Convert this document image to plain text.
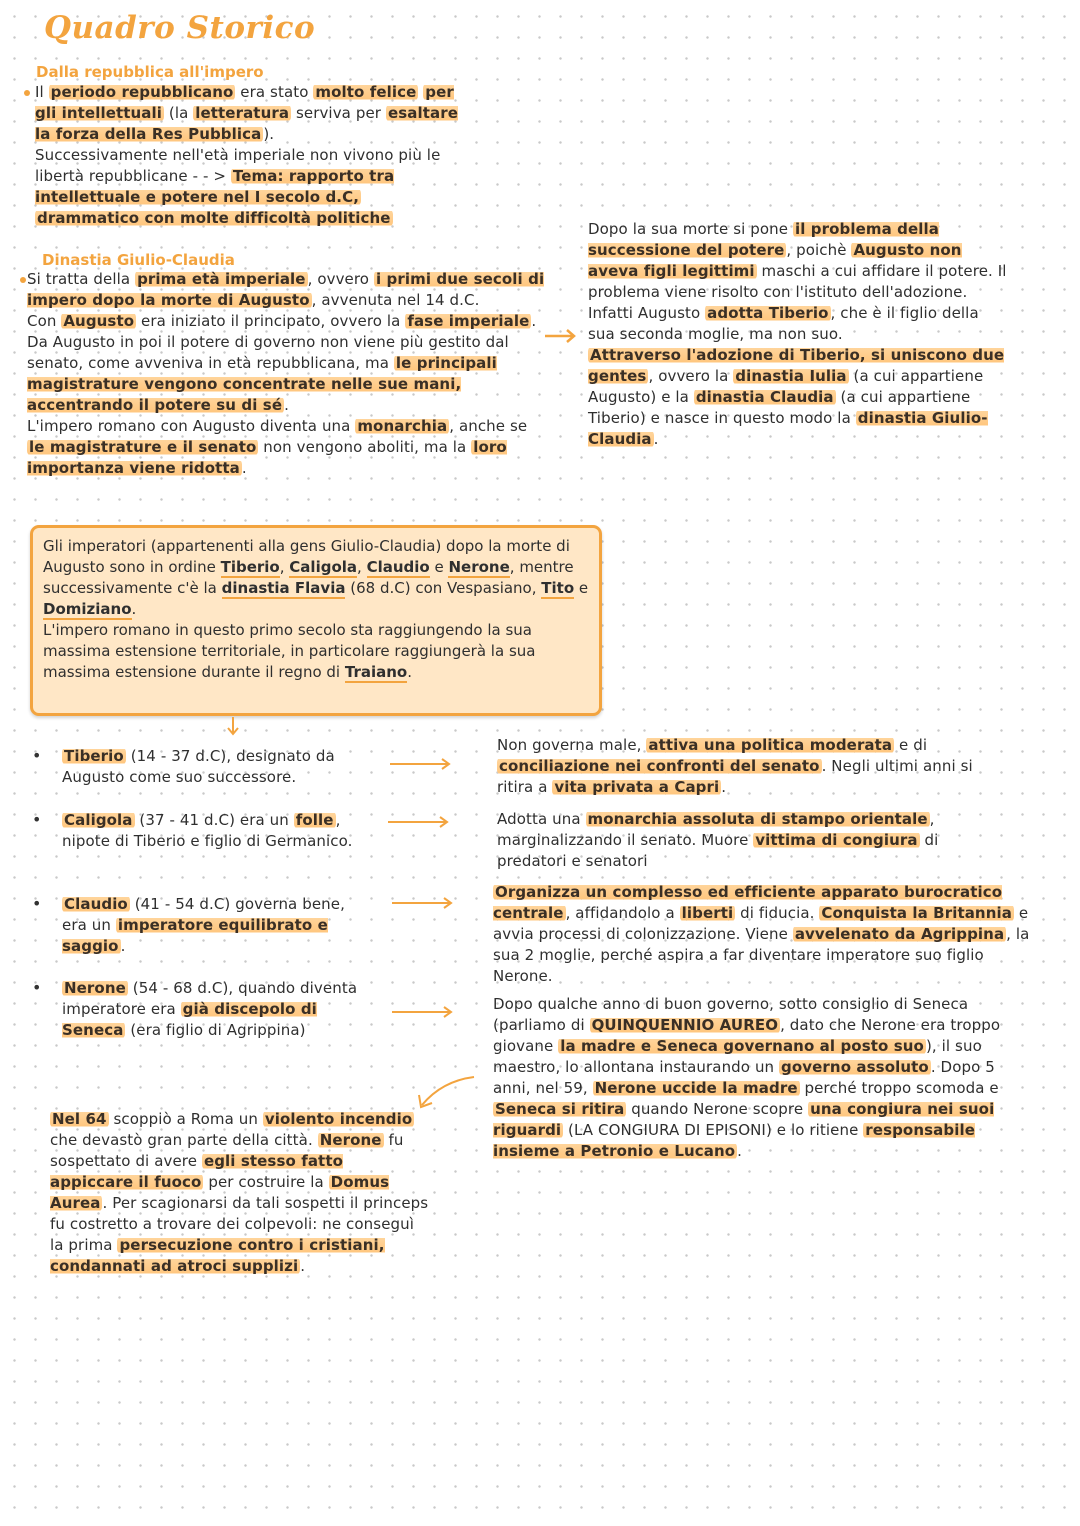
Quadro Storico
Dalla repubblica all'impero

Il periodo repubblicano era stato molto felice per gli intellettuali (la letteratura serviva per esaltare la forza della Res Pubblica ).

Successivamente nell'età imperiale non vivono più le libertà repubblicane - - > Tema: rapporto tra intellettuale e potere nel I secolo d.C, drammatico con molte difficoltà politiche

Dinastia Giulio-Claudia

Si tratta della prima età imperiale , ovvero i primi due secoli di impero dopo la morte di Augusto , avvenuta nel 14 d.C.

Con Augusto era iniziato il principato, ovvero la fase imperiale . Da Augusto in poi il potere di governo non viene più gestito dal senato, come avveniva in età repubblicana, ma le principali magistrature vengono concentrate nelle sue mani, accentrando il potere su di sé .

L'impero romano con Augusto diventa una monarchia , anche se le magistrature e il senato non vengono aboliti, ma la loro importanza viene ridotta .

Dopo la sua morte si pone il problema della successione del potere , poichè Augusto non aveva figli legittimi maschi a cui affidare il potere. Il problema viene risolto con l'istituto dell'adozione. Infatti Augusto adotta Tiberio , che è il figlio della sua seconda moglie, ma non suo.

Attraverso l'adozione di Tiberio, si uniscono due gentes , ovvero la dinastia Iulia (a cui appartiene Augusto) e la dinastia Claudia (a cui appartiene Tiberio) e nasce in questo modo la dinastia Giulio-Claudia .

Gli imperatori (appartenenti alla gens Giulio-Claudia) dopo la morte di Augusto sono in ordine Tiberio, Caligola, Claudio e Nerone, mentre successivamente c'è la dinastia Flavia (68 d.C) con Vespasiano, Tito e Domiziano.

L'impero romano in questo primo secolo sta raggiungendo la sua massima estensione territoriale, in particolare raggiungerà la sua massima estensione durante il regno di Traiano.

• Tiberio (14 - 37 d.C), designato da Augusto come suo successore.
Non governa male, attiva una politica moderata e di conciliazione nei confronti del senato . Negli ultimi anni si ritira a vita privata a Capri .
• Caligola (37 - 41 d.C) era un folle , nipote di Tiberio e figlio di Germanico.
Adotta una monarchia assoluta di stampo orientale , marginalizzando il senato. Muore vittima di congiura di predatori e senatori
• Claudio (41 - 54 d.C) governa bene, era un imperatore equilibrato e saggio .
Organizza un complesso ed efficiente apparato burocratico centrale , affidandolo a liberti di fiducia. Conquista la Britannia e avvia processi di colonizzazione. Viene avvelenato da Agrippina , la sua 2 moglie, perché aspira a far diventare imperatore suo figlio Nerone.
• Nerone (54 - 68 d.C), quando diventa imperatore era già discepolo di Seneca (era figlio di Agrippina)
Dopo qualche anno di buon governo, sotto consiglio di Seneca (parliamo di QUINQUENNIO AUREO , dato che Nerone era troppo giovane la madre e Seneca governano al posto suo ), il suo maestro, lo allontana instaurando un governo assoluto . Dopo 5 anni, nel 59, Nerone uccide la madre perché troppo scomoda e Seneca si ritira quando Nerone scopre una congiura nei suoi riguardi (LA CONGIURA DI EPISONI) e lo ritiene responsabile insieme a Petronio e Lucano .
Nel 64 scoppiò a Roma un violento incendio che devastò gran parte della città. Nerone fu sospettato di avere egli stesso fatto appiccare il fuoco per costruire la Domus Aurea . Per scagionarsi da tali sospetti il princeps fu costretto a trovare dei colpevoli: ne conseguì la prima persecuzione contro i cristiani, condannati ad atroci supplizi .
